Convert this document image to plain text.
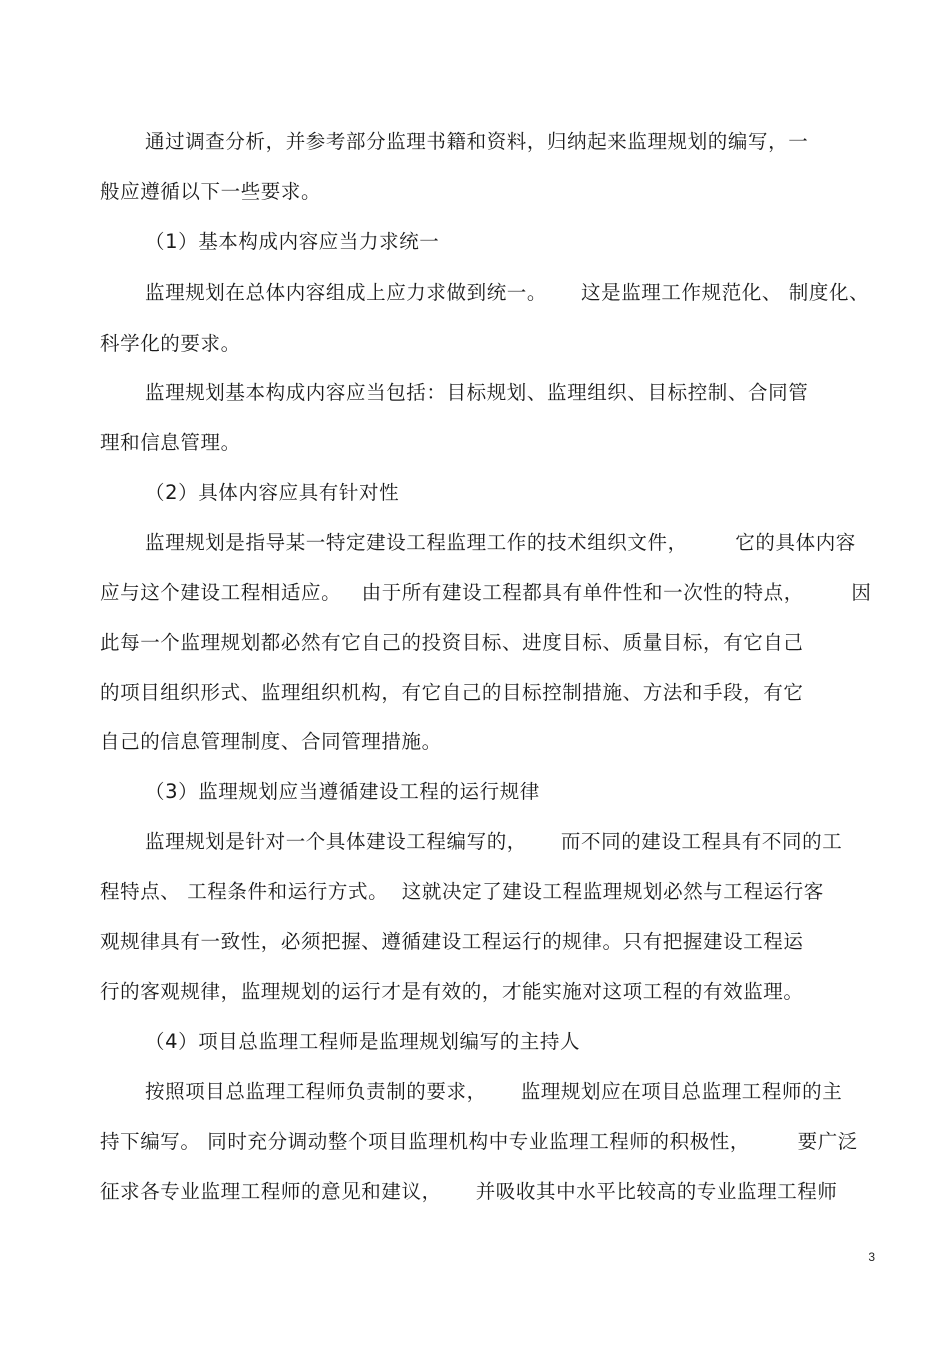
通过调查分析，并参考部分监理书籍和资料，归纳起来监理规划的编写，一
般应遵循以下一些要求。
（1）基本构成内容应当力求统一
监理规划在总体内容组成上应力求做到统一。     这是监理工作规范化、 制度化、
科学化的要求。
监理规划基本构成内容应当包括：目标规划、监理组织、目标控制、合同管
理和信息管理。
（2）具体内容应具有针对性
监理规划是指导某一特定建设工程监理工作的技术组织文件，       它的具体内容
应与这个建设工程相适应。   由于所有建设工程都具有单件性和一次性的特点，       因
此每一个监理规划都必然有它自己的投资目标、进度目标、质量目标，有它自己
的项目组织形式、监理组织机构，有它自己的目标控制措施、方法和手段，有它
自己的信息管理制度、合同管理措施。
（3）监理规划应当遵循建设工程的运行规律
监理规划是针对一个具体建设工程编写的，     而不同的建设工程具有不同的工
程特点、 工程条件和运行方式。  这就决定了建设工程监理规划必然与工程运行客
观规律具有一致性，必须把握、遵循建设工程运行的规律。只有把握建设工程运
行的客观规律，监理规划的运行才是有效的，才能实施对这项工程的有效监理。
（4）项目总监理工程师是监理规划编写的主持人
按照项目总监理工程师负责制的要求，     监理规划应在项目总监理工程师的主
持下编写。 同时充分调动整个项目监理机构中专业监理工程师的积极性，       要广泛
征求各专业监理工程师的意见和建议，     并吸收其中水平比较高的专业监理工程师
3
